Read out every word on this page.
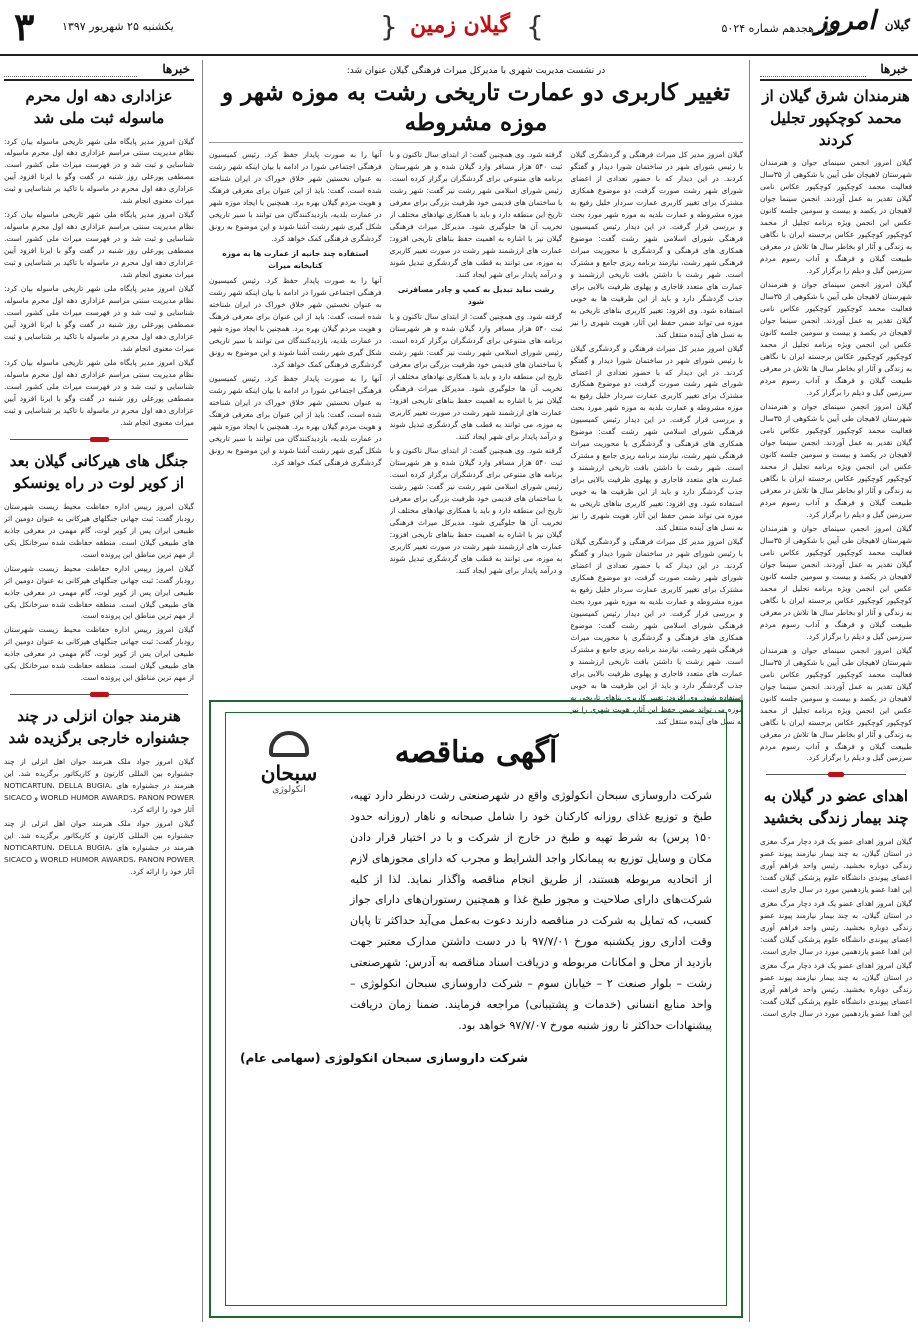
۳	یکشنبه ۲۵ شهریور ۱۳۹۷	{ گیلان زمین }	سال هجدهم شماره ۵۰۲۴	گیلان امروز
خبرها
هنرمندان شرق گیلان از محمد کوچکپور تجلیل کردند

گیلان امروز انجمن سینمای جوان و هنرمندان شهرستان لاهیجان طی آیین با شکوهی از ۳۵سال فعالیت محمد کوچکپور کوچکپور عکاس نامی گیلان تقدیر به عمل آوردند. انجمن سینما جوان لاهیجان در یکصد و بیست و سومین جلسه کانون عکس این انجمن ویژه برنامه تجلیل از محمد کوچکپور کوچکپور عکاس برجسته ایران با نگاهی به زندگی و آثار او بخاطر سال ها تلاش در معرفی طبیعت گیلان و فرهنگ و آداب رسوم مردم سرزمین گیل و دیلم را برگزار کرد.

گیلان امروز انجمن سینمای جوان و هنرمندان شهرستان لاهیجان طی آیین با شکوهی از ۳۵سال فعالیت محمد کوچکپور کوچکپور عکاس نامی گیلان تقدیر به عمل آوردند. انجمن سینما جوان لاهیجان در یکصد و بیست و سومین جلسه کانون عکس این انجمن ویژه برنامه تجلیل از محمد کوچکپور کوچکپور عکاس برجسته ایران با نگاهی به زندگی و آثار او بخاطر سال ها تلاش در معرفی طبیعت گیلان و فرهنگ و آداب رسوم مردم سرزمین گیل و دیلم را برگزار کرد.

گیلان امروز انجمن سینمای جوان و هنرمندان شهرستان لاهیجان طی آیین با شکوهی از ۳۵سال فعالیت محمد کوچکپور کوچکپور عکاس نامی گیلان تقدیر به عمل آوردند. انجمن سینما جوان لاهیجان در یکصد و بیست و سومین جلسه کانون عکس این انجمن ویژه برنامه تجلیل از محمد کوچکپور کوچکپور عکاس برجسته ایران با نگاهی به زندگی و آثار او بخاطر سال ها تلاش در معرفی طبیعت گیلان و فرهنگ و آداب رسوم مردم سرزمین گیل و دیلم را برگزار کرد.

گیلان امروز انجمن سینمای جوان و هنرمندان شهرستان لاهیجان طی آیین با شکوهی از ۳۵سال فعالیت محمد کوچکپور کوچکپور عکاس نامی گیلان تقدیر به عمل آوردند. انجمن سینما جوان لاهیجان در یکصد و بیست و سومین جلسه کانون عکس این انجمن ویژه برنامه تجلیل از محمد کوچکپور کوچکپور عکاس برجسته ایران با نگاهی به زندگی و آثار او بخاطر سال ها تلاش در معرفی طبیعت گیلان و فرهنگ و آداب رسوم مردم سرزمین گیل و دیلم را برگزار کرد.

گیلان امروز انجمن سینمای جوان و هنرمندان شهرستان لاهیجان طی آیین با شکوهی از ۳۵سال فعالیت محمد کوچکپور کوچکپور عکاس نامی گیلان تقدیر به عمل آوردند. انجمن سینما جوان لاهیجان در یکصد و بیست و سومین جلسه کانون عکس این انجمن ویژه برنامه تجلیل از محمد کوچکپور کوچکپور عکاس برجسته ایران با نگاهی به زندگی و آثار او بخاطر سال ها تلاش در معرفی طبیعت گیلان و فرهنگ و آداب رسوم مردم سرزمین گیل و دیلم را برگزار کرد.

اهدای عضو در گیلان به چند بیمار زندگی بخشید

گیلان امروز اهدای عضو یک فرد دچار مرگ مغزی در استان گیلان، به چند بیمار نیازمند پیوند عضو زندگی دوباره بخشید. رئیس واحد فراهم آوری اعضای پیوندی دانشگاه علوم پزشکی گیلان گفت: این اهدا عضو یازدهمین مورد در سال جاری است.

گیلان امروز اهدای عضو یک فرد دچار مرگ مغزی در استان گیلان، به چند بیمار نیازمند پیوند عضو زندگی دوباره بخشید. رئیس واحد فراهم آوری اعضای پیوندی دانشگاه علوم پزشکی گیلان گفت: این اهدا عضو یازدهمین مورد در سال جاری است.

گیلان امروز اهدای عضو یک فرد دچار مرگ مغزی در استان گیلان، به چند بیمار نیازمند پیوند عضو زندگی دوباره بخشید. رئیس واحد فراهم آوری اعضای پیوندی دانشگاه علوم پزشکی گیلان گفت: این اهدا عضو یازدهمین مورد در سال جاری است.

در نشست مدیریت شهری با مدیرکل میراث فرهنگی گیلان عنوان شد:
تغییر کاربری دو عمارت تاریخی رشت به موزه شهر و موزه مشروطه

گیلان امروز مدیر کل میراث فرهنگی و گردشگری گیلان با رئیس شورای شهر در ساختمان شورا دیدار و گفتگو کردند. در این دیدار که با حضور تعدادی از اعضای شورای شهر رشت صورت گرفت، دو موضوع همکاری مشترک برای تغییر کاربری عمارت سردار خلیل رفیع به موزه مشروطه و عمارت بلدیه به موزه شهر مورد بحث و بررسی قرار گرفت. در این دیدار رئیس کمیسیون فرهنگی شورای اسلامی شهر رشت گفت: موضوع همکاری های فرهنگی و گردشگری با محوریت میراث فرهنگی شهر رشت، نیازمند برنامه ریزی جامع و مشترک است. شهر رشت با داشتن بافت تاریخی ارزشمند و عمارت های متعدد قاجاری و پهلوی ظرفیت بالایی برای جذب گردشگر دارد و باید از این ظرفیت ها به خوبی استفاده شود. وی افزود: تغییر کاربری بناهای تاریخی به موزه می تواند ضمن حفظ این آثار، هویت شهری را نیز به نسل های آینده منتقل کند.

گیلان امروز مدیر کل میراث فرهنگی و گردشگری گیلان با رئیس شورای شهر در ساختمان شورا دیدار و گفتگو کردند. در این دیدار که با حضور تعدادی از اعضای شورای شهر رشت صورت گرفت، دو موضوع همکاری مشترک برای تغییر کاربری عمارت سردار خلیل رفیع به موزه مشروطه و عمارت بلدیه به موزه شهر مورد بحث و بررسی قرار گرفت. در این دیدار رئیس کمیسیون فرهنگی شورای اسلامی شهر رشت گفت: موضوع همکاری های فرهنگی و گردشگری با محوریت میراث فرهنگی شهر رشت، نیازمند برنامه ریزی جامع و مشترک است. شهر رشت با داشتن بافت تاریخی ارزشمند و عمارت های متعدد قاجاری و پهلوی ظرفیت بالایی برای جذب گردشگر دارد و باید از این ظرفیت ها به خوبی استفاده شود. وی افزود: تغییر کاربری بناهای تاریخی به موزه می تواند ضمن حفظ این آثار، هویت شهری را نیز به نسل های آینده منتقل کند.

گیلان امروز مدیر کل میراث فرهنگی و گردشگری گیلان با رئیس شورای شهر در ساختمان شورا دیدار و گفتگو کردند. در این دیدار که با حضور تعدادی از اعضای شورای شهر رشت صورت گرفت، دو موضوع همکاری مشترک برای تغییر کاربری عمارت سردار خلیل رفیع به موزه مشروطه و عمارت بلدیه به موزه شهر مورد بحث و بررسی قرار گرفت. در این دیدار رئیس کمیسیون فرهنگی شورای اسلامی شهر رشت گفت: موضوع همکاری های فرهنگی و گردشگری با محوریت میراث فرهنگی شهر رشت، نیازمند برنامه ریزی جامع و مشترک است. شهر رشت با داشتن بافت تاریخی ارزشمند و عمارت های متعدد قاجاری و پهلوی ظرفیت بالایی برای جذب گردشگر دارد و باید از این ظرفیت ها به خوبی استفاده شود. وی افزود: تغییر کاربری بناهای تاریخی به موزه می تواند ضمن حفظ این آثار، هویت شهری را نیز به نسل های آینده منتقل کند.

گرفته شود. وی همچنین گفت: از ابتدای سال تاکنون و با ثبت ۵۴۰ هزار مسافر وارد گیلان شده و هر شهرستان برنامه های متنوعی برای گردشگران برگزار کرده است. رئیس شورای اسلامی شهر رشت نیز گفت: شهر رشت با ساختمان های قدیمی خود ظرفیت بزرگی برای معرفی تاریخ این منطقه دارد و باید با همکاری نهادهای مختلف از تخریب آن ها جلوگیری شود. مدیرکل میراث فرهنگی گیلان نیز با اشاره به اهمیت حفظ بناهای تاریخی افزود: عمارت های ارزشمند شهر رشت در صورت تغییر کاربری به موزه، می توانند به قطب های گردشگری تبدیل شوند و درآمد پایدار برای شهر ایجاد کنند.

رشت نباید تبدیل به کمپ و چادر مسافرتی شود

گرفته شود. وی همچنین گفت: از ابتدای سال تاکنون و با ثبت ۵۴۰ هزار مسافر وارد گیلان شده و هر شهرستان برنامه های متنوعی برای گردشگران برگزار کرده است. رئیس شورای اسلامی شهر رشت نیز گفت: شهر رشت با ساختمان های قدیمی خود ظرفیت بزرگی برای معرفی تاریخ این منطقه دارد و باید با همکاری نهادهای مختلف از تخریب آن ها جلوگیری شود. مدیرکل میراث فرهنگی گیلان نیز با اشاره به اهمیت حفظ بناهای تاریخی افزود: عمارت های ارزشمند شهر رشت در صورت تغییر کاربری به موزه، می توانند به قطب های گردشگری تبدیل شوند و درآمد پایدار برای شهر ایجاد کنند.

گرفته شود. وی همچنین گفت: از ابتدای سال تاکنون و با ثبت ۵۴۰ هزار مسافر وارد گیلان شده و هر شهرستان برنامه های متنوعی برای گردشگران برگزار کرده است. رئیس شورای اسلامی شهر رشت نیز گفت: شهر رشت با ساختمان های قدیمی خود ظرفیت بزرگی برای معرفی تاریخ این منطقه دارد و باید با همکاری نهادهای مختلف از تخریب آن ها جلوگیری شود. مدیرکل میراث فرهنگی گیلان نیز با اشاره به اهمیت حفظ بناهای تاریخی افزود: عمارت های ارزشمند شهر رشت در صورت تغییر کاربری به موزه، می توانند به قطب های گردشگری تبدیل شوند و درآمد پایدار برای شهر ایجاد کنند.

آنها را به صورت پایدار حفظ کرد. رئیس کمیسیون فرهنگی اجتماعی شورا در ادامه با بیان اینکه شهر رشت به عنوان نخستین شهر خلاق خوراک در ایران شناخته شده است، گفت: باید از این عنوان برای معرفی فرهنگ و هویت مردم گیلان بهره برد. همچنین با ایجاد موزه شهر در عمارت بلدیه، بازدیدکنندگان می توانند با سیر تاریخی شکل گیری شهر رشت آشنا شوند و این موضوع به رونق گردشگری فرهنگی کمک خواهد کرد.

استفاده چند جانبه از عمارت ها به موزه کتابخانه میراث

آنها را به صورت پایدار حفظ کرد. رئیس کمیسیون فرهنگی اجتماعی شورا در ادامه با بیان اینکه شهر رشت به عنوان نخستین شهر خلاق خوراک در ایران شناخته شده است، گفت: باید از این عنوان برای معرفی فرهنگ و هویت مردم گیلان بهره برد. همچنین با ایجاد موزه شهر در عمارت بلدیه، بازدیدکنندگان می توانند با سیر تاریخی شکل گیری شهر رشت آشنا شوند و این موضوع به رونق گردشگری فرهنگی کمک خواهد کرد.

آنها را به صورت پایدار حفظ کرد. رئیس کمیسیون فرهنگی اجتماعی شورا در ادامه با بیان اینکه شهر رشت به عنوان نخستین شهر خلاق خوراک در ایران شناخته شده است، گفت: باید از این عنوان برای معرفی فرهنگ و هویت مردم گیلان بهره برد. همچنین با ایجاد موزه شهر در عمارت بلدیه، بازدیدکنندگان می توانند با سیر تاریخی شکل گیری شهر رشت آشنا شوند و این موضوع به رونق گردشگری فرهنگی کمک خواهد کرد.

سبحان
انکولوژی
آگهی مناقصه

شرکت داروسازی سبحان انکولوژی واقع در شهرصنعتی رشت درنظر دارد تهیه، طبخ و توزیع غذای روزانه کارکنان خود را شامل صبحانه و ناهار (روزانه حدود ۱۵۰ پرس) به شرط تهیه و طبخ در خارج از شرکت و با در اختیار قرار دادن مکان و وسایل توزیع به پیمانکار واجد الشرایط و مجرب که دارای مجوزهای لازم از اتحادیه مربوطه هستند، از طریق انجام مناقصه واگذار نماید. لذا از کلیه شرکت‌های دارای صلاحیت و مجوز طبخ غذا و همچنین رستوران‌های دارای جواز کسب، که تمایل به شرکت در مناقصه دارند دعوت به‌عمل می‌آید حداکثر تا پایان وقت اداری روز یکشنبه مورخ ۹۷/۷/۰۱ با در دست داشتن مدارک معتبر جهت بازدید از محل و امکانات مربوطه و دریافت اسناد مناقصه به آدرس: شهرصنعتی رشت – بلوار صنعت ۲ – خیابان سوم – شرکت داروسازی سبحان انکولوژی – واحد منابع انسانی (خدمات و پشتیبانی) مراجعه فرمایند. ضمنا زمان دریافت پیشنهادات حداکثر تا روز شنبه مورخ ۹۷/۷/۰۷ خواهد بود.

شرکت داروسازی سبحان انکولوژی (سهامی عام)
خبرها
عزاداری دهه اول محرم ماسوله ثبت ملی شد

گیلان امروز مدیر پایگاه ملی شهر تاریخی ماسوله بیان کرد: نظام مدیریت سنتی مراسم عزاداری دهه اول محرم ماسوله، شناسایی و ثبت شد و در فهرست میراث ملی کشور است. مصطفی پورعلی روز شنبه در گفت وگو با ایرنا افزود آیین عزاداری دهه اول محرم در ماسوله با تاکید بر شناسایی و ثبت میراث معنوی انجام شد.

گیلان امروز مدیر پایگاه ملی شهر تاریخی ماسوله بیان کرد: نظام مدیریت سنتی مراسم عزاداری دهه اول محرم ماسوله، شناسایی و ثبت شد و در فهرست میراث ملی کشور است. مصطفی پورعلی روز شنبه در گفت وگو با ایرنا افزود آیین عزاداری دهه اول محرم در ماسوله با تاکید بر شناسایی و ثبت میراث معنوی انجام شد.

گیلان امروز مدیر پایگاه ملی شهر تاریخی ماسوله بیان کرد: نظام مدیریت سنتی مراسم عزاداری دهه اول محرم ماسوله، شناسایی و ثبت شد و در فهرست میراث ملی کشور است. مصطفی پورعلی روز شنبه در گفت وگو با ایرنا افزود آیین عزاداری دهه اول محرم در ماسوله با تاکید بر شناسایی و ثبت میراث معنوی انجام شد.

گیلان امروز مدیر پایگاه ملی شهر تاریخی ماسوله بیان کرد: نظام مدیریت سنتی مراسم عزاداری دهه اول محرم ماسوله، شناسایی و ثبت شد و در فهرست میراث ملی کشور است. مصطفی پورعلی روز شنبه در گفت وگو با ایرنا افزود آیین عزاداری دهه اول محرم در ماسوله با تاکید بر شناسایی و ثبت میراث معنوی انجام شد.

جنگل های هیرکانی گیلان بعد از کویر لوت در راه یونسکو

گیلان امروز رییس اداره حفاظت محیط زیست شهرستان رودبار گفت: ثبت جهانی جنگلهای هیرکانی به عنوان دومین اثر طبیعی ایران پس از کویر لوت، گام مهمی در معرفی جاذبه های طبیعی گیلان است. منطقه حفاظت شده سرخانکل یکی از مهم ترین مناطق این پرونده است.

گیلان امروز رییس اداره حفاظت محیط زیست شهرستان رودبار گفت: ثبت جهانی جنگلهای هیرکانی به عنوان دومین اثر طبیعی ایران پس از کویر لوت، گام مهمی در معرفی جاذبه های طبیعی گیلان است. منطقه حفاظت شده سرخانکل یکی از مهم ترین مناطق این پرونده است.

گیلان امروز رییس اداره حفاظت محیط زیست شهرستان رودبار گفت: ثبت جهانی جنگلهای هیرکانی به عنوان دومین اثر طبیعی ایران پس از کویر لوت، گام مهمی در معرفی جاذبه های طبیعی گیلان است. منطقه حفاظت شده سرخانکل یکی از مهم ترین مناطق این پرونده است.

هنرمند جوان انزلی در چند جشنواره خارجی برگزیده شد

گیلان امروز جواد ملک هنرمند جوان اهل انزلی از چند جشنواره بین المللی کارتون و کاریکاتور برگزیده شد. این هنرمند در جشنواره های NOTICARTUN، DELLA BUGIA، WORLD HUMOR AWARDS، PANON POWER و SICACO آثار خود را ارائه کرد.

گیلان امروز جواد ملک هنرمند جوان اهل انزلی از چند جشنواره بین المللی کارتون و کاریکاتور برگزیده شد. این هنرمند در جشنواره های NOTICARTUN، DELLA BUGIA، WORLD HUMOR AWARDS، PANON POWER و SICACO آثار خود را ارائه کرد.
